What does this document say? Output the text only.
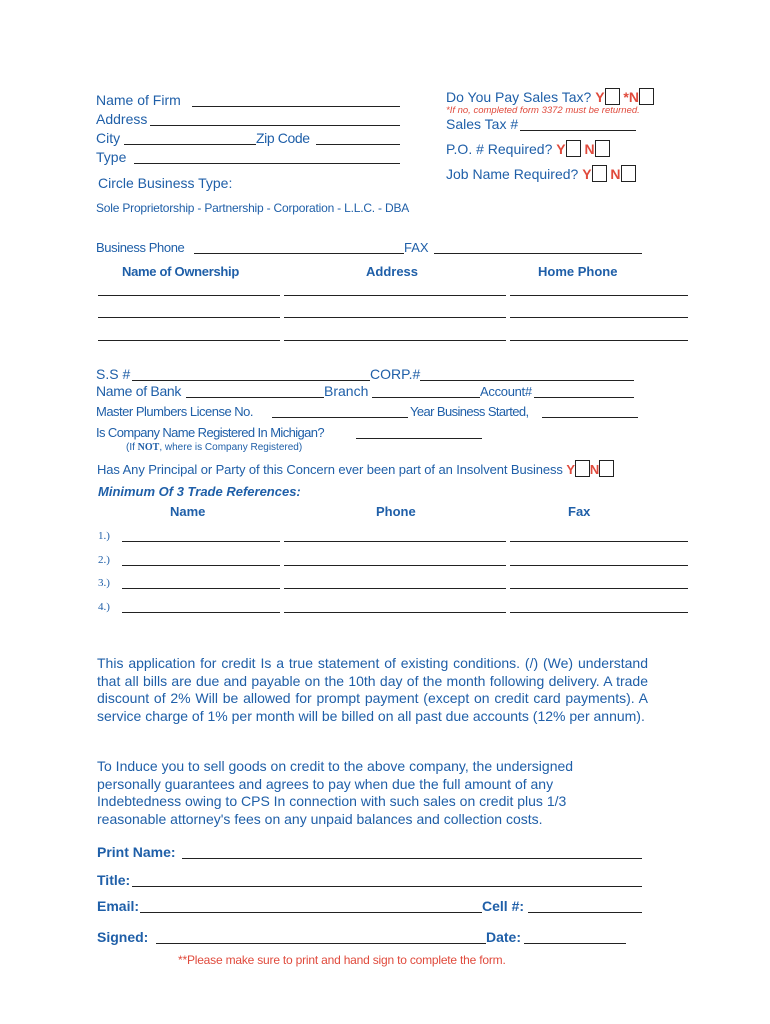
Name of Firm
Address
City	Zip Code
Type
Circle Business Type:
Sole Proprietorship - Partnership - Corporation - L.L.C. - DBA
Do You Pay Sales Tax? Y *N
*If no, completed form 3372 must be returned.
Sales Tax #
P.O. # Required? Y N
Job Name Required? Y N
Business Phone	FAX
Name of Ownership	Address	Home Phone
S.S #	CORP.#
Name of Bank	Branch	Account#
Master Plumbers License No.	Year Business Started,
Is Company Name Registered In Michigan?
(If NOT, where is Company Registered)
Has Any Principal or Party of this Concern ever been part of an Insolvent Business Y N
Minimum Of 3 Trade References:
Name	Phone	Fax
1.)
2.)
3.)
4.)
This application for credit Is a true statement of existing conditions. (/) (We) understand that all bills are due and payable on the 10th day of the month following delivery. A trade discount of 2% Will be allowed for prompt payment (except on credit card payments). A service charge of 1% per month will be billed on all past due accounts (12% per annum).
To Induce you to sell goods on credit to the above company, the undersigned
personally guarantees and agrees to pay when due the full amount of any
Indebtedness owing to CPS In connection with such sales on credit plus 1/3
reasonable attorney's fees on any unpaid balances and collection costs.
Print Name:
Title:
Email:	Cell #:
Signed:	Date:
**Please make sure to print and hand sign to complete the form.
